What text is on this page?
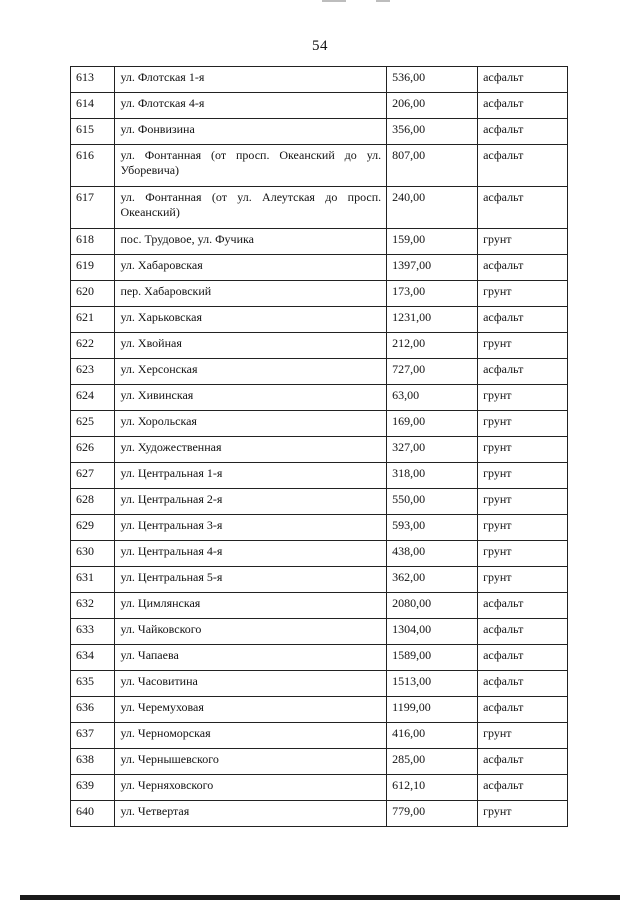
54
613	ул. Флотская 1-я	536,00	асфальт
614	ул. Флотская 4-я	206,00	асфальт
615	ул. Фонвизина	356,00	асфальт
616	ул. Фонтанная (от просп. Океанский до ул. Уборевича)	807,00	асфальт
617	ул. Фонтанная (от ул. Алеутская до просп. Океанский)	240,00	асфальт
618	пос. Трудовое, ул. Фучика	159,00	грунт
619	ул. Хабаровская	1397,00	асфальт
620	пер. Хабаровский	173,00	грунт
621	ул. Харьковская	1231,00	асфальт
622	ул. Хвойная	212,00	грунт
623	ул. Херсонская	727,00	асфальт
624	ул. Хивинская	63,00	грунт
625	ул. Хорольская	169,00	грунт
626	ул. Художественная	327,00	грунт
627	ул. Центральная 1-я	318,00	грунт
628	ул. Центральная 2-я	550,00	грунт
629	ул. Центральная 3-я	593,00	грунт
630	ул. Центральная 4-я	438,00	грунт
631	ул. Центральная 5-я	362,00	грунт
632	ул. Цимлянская	2080,00	асфальт
633	ул. Чайковского	1304,00	асфальт
634	ул. Чапаева	1589,00	асфальт
635	ул. Часовитина	1513,00	асфальт
636	ул. Черемуховая	1199,00	асфальт
637	ул. Черноморская	416,00	грунт
638	ул. Чернышевского	285,00	асфальт
639	ул. Черняховского	612,10	асфальт
640	ул. Четвертая	779,00	грунт
